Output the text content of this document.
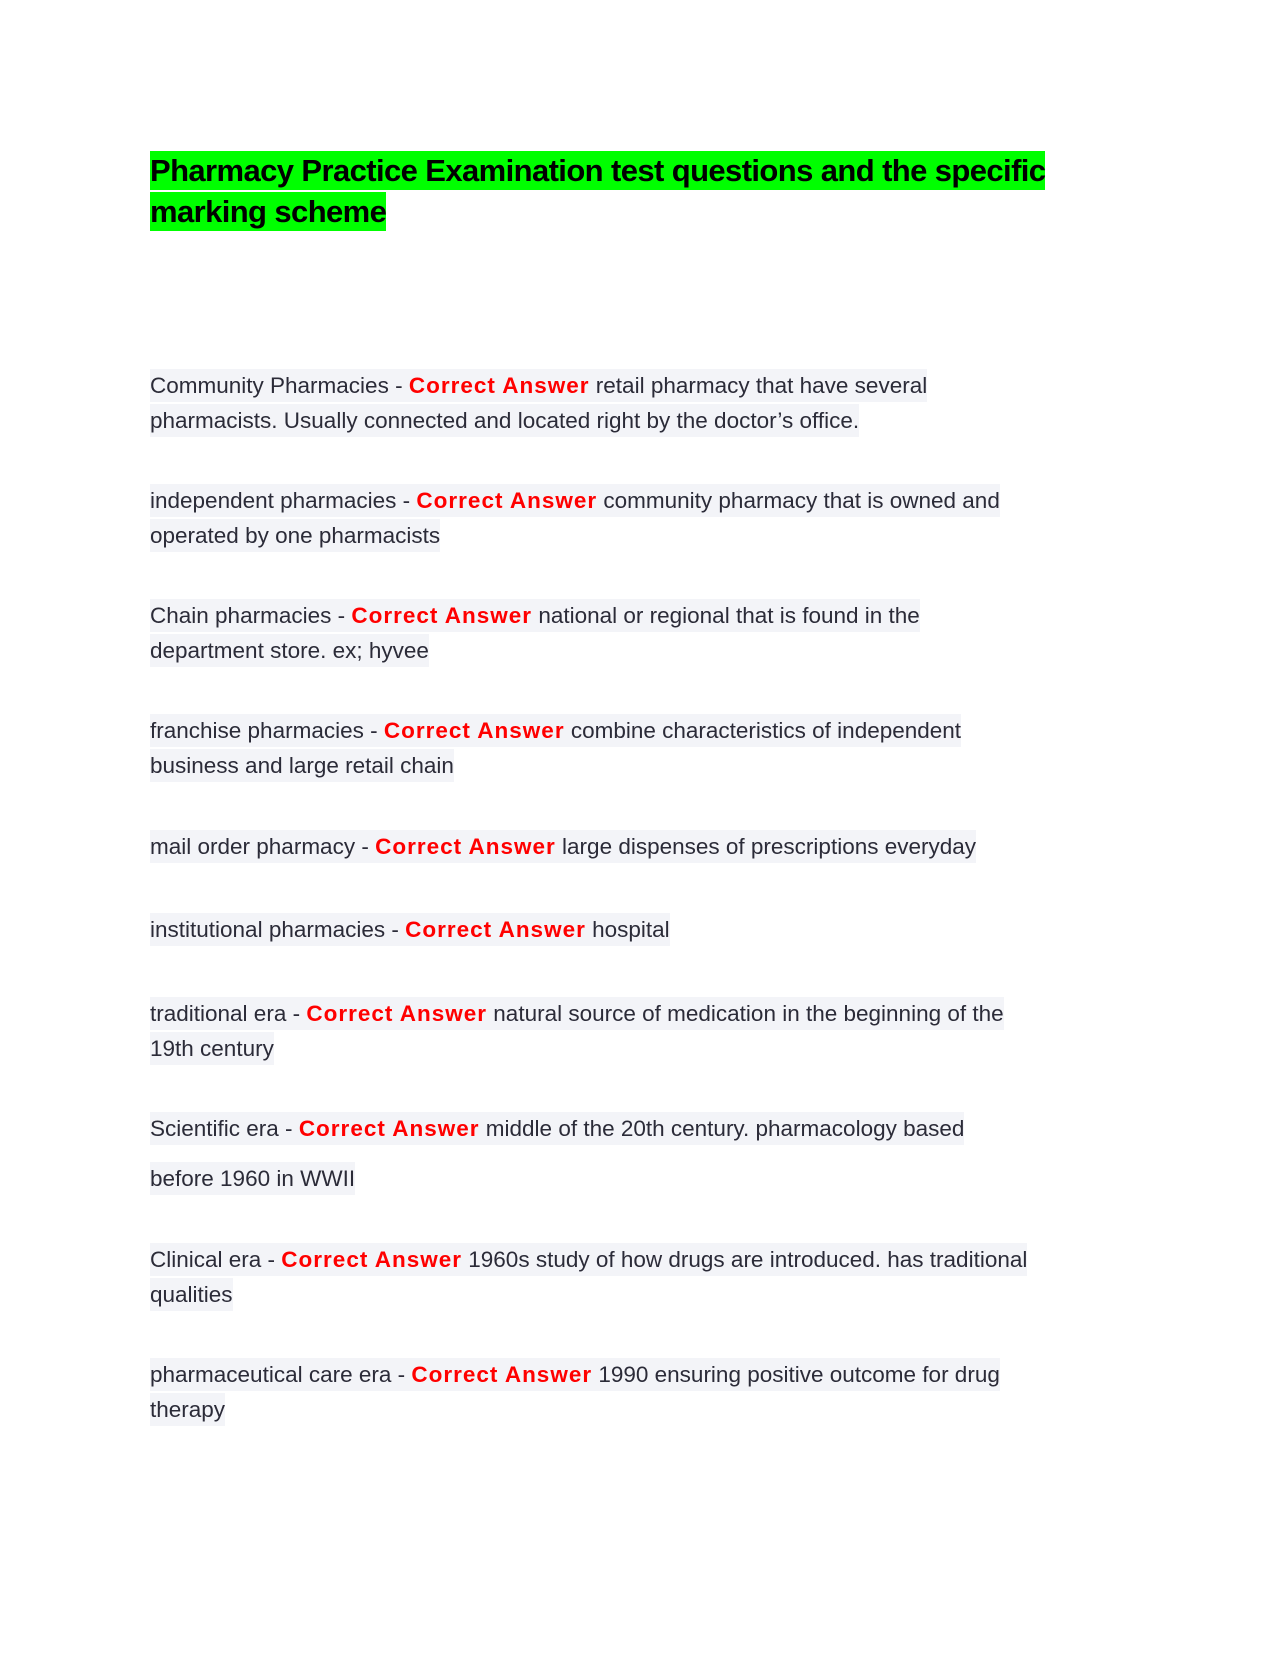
Pharmacy Practice Examination test questions and the specific
marking scheme
Community Pharmacies - Correct Answer retail pharmacy that have several
pharmacists. Usually connected and located right by the doctor’s office.
independent pharmacies - Correct Answer community pharmacy that is owned and
operated by one pharmacists
Chain pharmacies - Correct Answer national or regional that is found in the
department store. ex; hyvee
franchise pharmacies - Correct Answer combine characteristics of independent
business and large retail chain
mail order pharmacy - Correct Answer large dispenses of prescriptions everyday
institutional pharmacies - Correct Answer hospital
traditional era - Correct Answer natural source of medication in the beginning of the
19th century
Scientific era - Correct Answer middle of the 20th century. pharmacology based
before 1960 in WWII
Clinical era - Correct Answer 1960s study of how drugs are introduced. has traditional
qualities
pharmaceutical care era - Correct Answer 1990 ensuring positive outcome for drug
therapy
